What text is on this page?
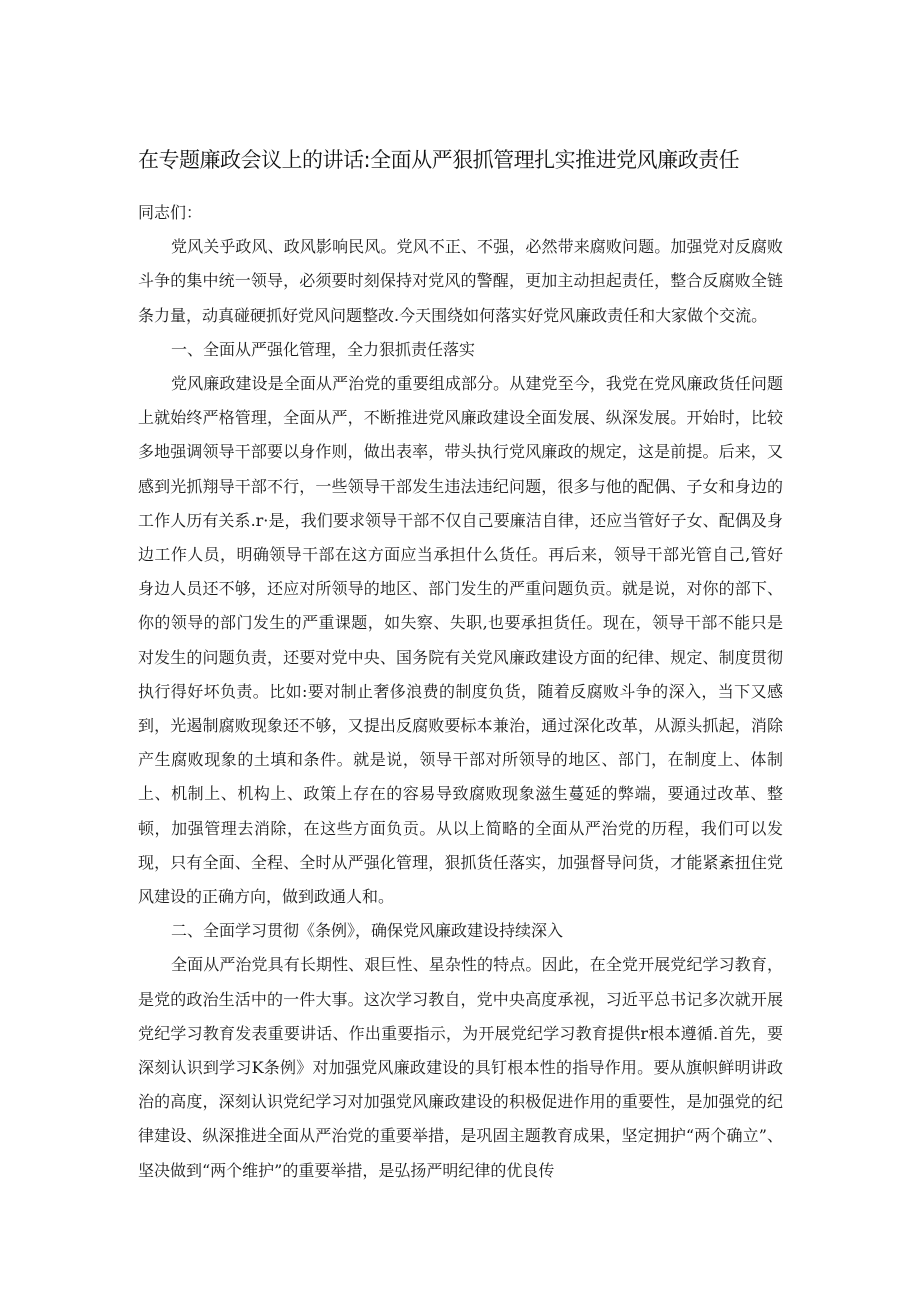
在专题廉政会议上的讲话:全面从严狠抓管理扎实推进党风廉政责任

同志们：

党风关乎政风、政风影响民风。党风不正、不强，必然带来腐败问题。加强党对反腐败斗争的集中统一领导，必须要时刻保持对党风的警醒，更加主动担起责任，整合反腐败全链条力量，动真碰硬抓好党风问题整改.今天围绕如何落实好党风廉政责任和大家做个交流。

一、全面从严强化管理，全力狠抓责任落实

党风廉政建设是全面从严治党的重要组成部分。从建党至今，我党在党风廉政货任问题上就始终严格管理，全面从严，不断推进党风廉政建设全面发展、纵深发展。开始时，比较多地强调领导干部要以身作则，做出表率，带头执行党风廉政的规定，这是前提。后来，又感到光抓翔导干部不行，一些领导干部发生违法违纪问题，很多与他的配偶、子女和身边的工作人历有关系.r·是，我们要求领导干部不仅自己要廉洁自律，还应当管好子女、配偶及身边工作人员，明确领导干部在这方面应当承担什么货任。再后来，领导干部光管自己,管好身边人员还不够，还应对所领导的地区、部门发生的严重问题负贡。就是说，对你的部下、你的领导的部门发生的严重课题，如失察、失职,也要承担货任。现在，领导干部不能只是对发生的问题负责，还要对党中央、国务院有关党风廉政建设方面的纪律、规定、制度贯彻执行得好坏负责。比如:要对制止奢侈浪费的制度负货，随着反腐败斗争的深入，当下又感到，光遏制腐败现象还不够，又提出反腐败要标本兼治，通过深化改革，从源头抓起，消除产生腐败现象的土填和条件。就是说，领导干部对所领导的地区、部门，在制度上、体制上、机制上、机构上、政策上存在的容易导致腐败现象滋生蔓延的弊端，要通过改革、整顿，加强管理去消除，在这些方面负贡。从以上简略的全面从严治党的历程，我们可以发现，只有全面、全程、全时从严强化管理，狠抓货任落实，加强督导问货，才能紧紊扭住党风建设的正确方向，做到政通人和。

二、全面学习贯彻《条例》，确保党风廉政建设持续深入

全面从严治党具有长期性、艰巨性、星杂性的特点。因此，在全党开展党纪学习教育，是党的政治生活中的一件大事。这次学习教自，党中央高度承视，习近平总书记多次就开展党纪学习教育发表重要讲话、作出重要指示，为开展党纪学习教育提供r根本遵循.首先，要深刻认识到学习K条例》对加强党风廉政建设的具钉根本性的指导作用。要从旗帜鲜明讲政治的高度，深刻认识党纪学习对加强党风廉政建设的积极促进作用的重要性，是加强党的纪律建设、纵深推进全面从严治党的重要举措，是巩固主题教育成果，坚定拥护“两个确立”、坚决做到“两个维护”的重要举措，是弘扬严明纪律的优良传
